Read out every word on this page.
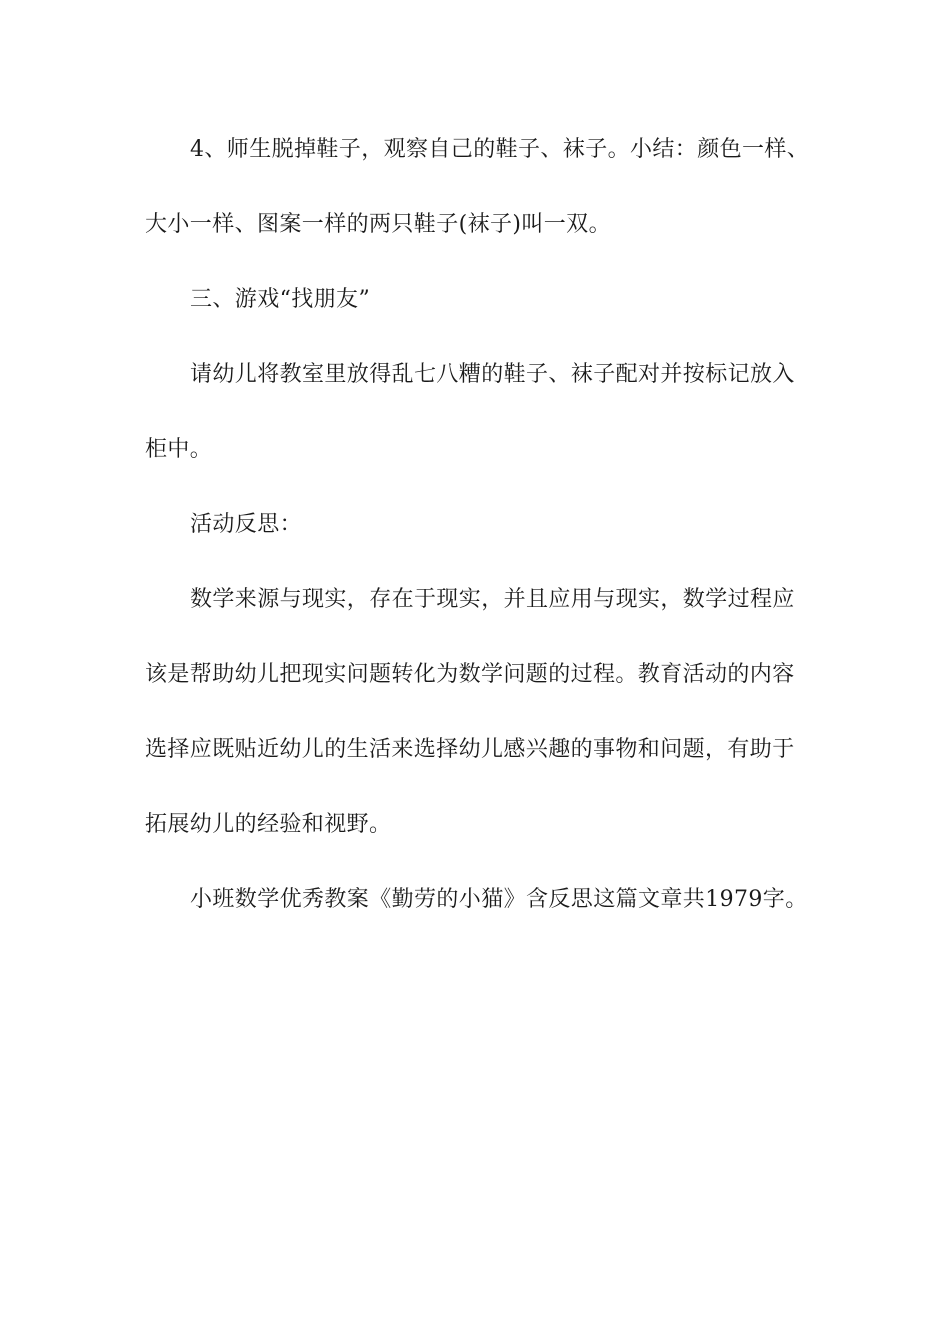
4、师生脱掉鞋子，观察自己的鞋子、袜子。小结：颜色一样、
大小一样、图案一样的两只鞋子(袜子)叫一双。
三、游戏“找朋友”
请幼儿将教室里放得乱七八糟的鞋子、袜子配对并按标记放入
柜中。
活动反思：
数学来源与现实，存在于现实，并且应用与现实，数学过程应
该是帮助幼儿把现实问题转化为数学问题的过程。教育活动的内容
选择应既贴近幼儿的生活来选择幼儿感兴趣的事物和问题，有助于
拓展幼儿的经验和视野。
小班数学优秀教案《勤劳的小猫》含反思这篇文章共1979字。
